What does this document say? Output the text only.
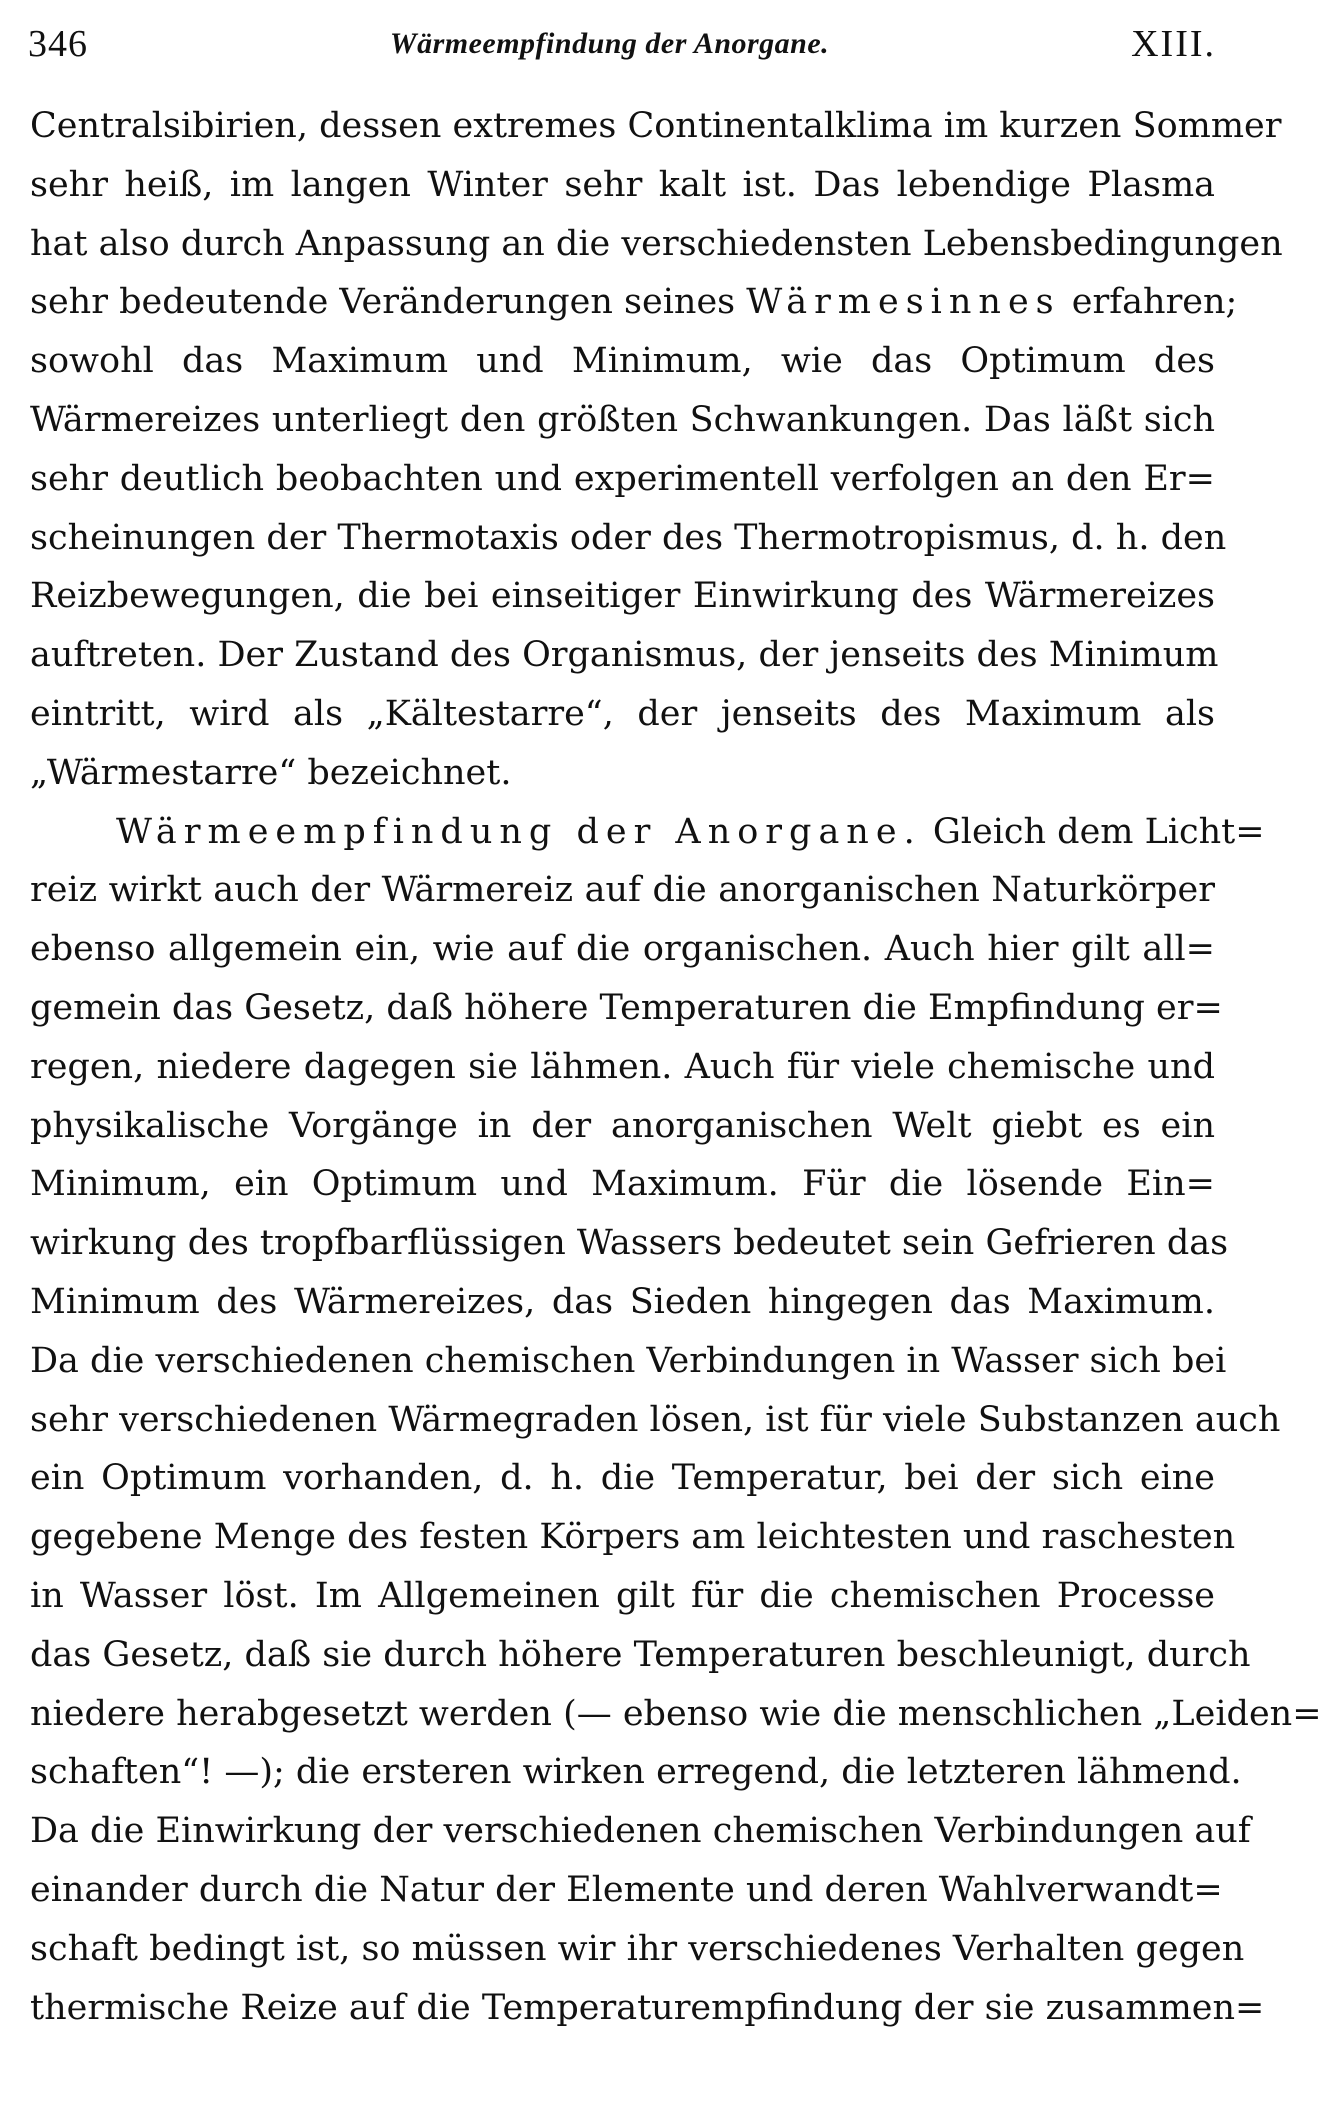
346	Wärmeempfindung der Anorgane.	XIII.
Centralsibirien, dessen extremes Continentalklima im kurzen Sommer
sehr heiß, im langen Winter sehr kalt ist. Das lebendige Plasma
hat also durch Anpassung an die verschiedensten Lebensbedingungen
sehr bedeutende Veränderungen seines Wärmesinnes erfahren;
sowohl das Maximum und Minimum, wie das Optimum des
Wärmereizes unterliegt den größten Schwankungen. Das läßt sich
sehr deutlich beobachten und experimentell verfolgen an den Er=
scheinungen der Thermotaxis oder des Thermotropismus, d. h. den
Reizbewegungen, die bei einseitiger Einwirkung des Wärmereizes
auftreten. Der Zustand des Organismus, der jenseits des Minimum
eintritt, wird als „Kältestarre“, der jenseits des Maximum als
„Wärmestarre“ bezeichnet.
Wärmeempfindung der Anorgane. Gleich dem Licht=
reiz wirkt auch der Wärmereiz auf die anorganischen Naturkörper
ebenso allgemein ein, wie auf die organischen. Auch hier gilt all=
gemein das Gesetz, daß höhere Temperaturen die Empfindung er=
regen, niedere dagegen sie lähmen. Auch für viele chemische und
physikalische Vorgänge in der anorganischen Welt giebt es ein
Minimum, ein Optimum und Maximum. Für die lösende Ein=
wirkung des tropfbarflüssigen Wassers bedeutet sein Gefrieren das
Minimum des Wärmereizes, das Sieden hingegen das Maximum.
Da die verschiedenen chemischen Verbindungen in Wasser sich bei
sehr verschiedenen Wärmegraden lösen, ist für viele Substanzen auch
ein Optimum vorhanden, d. h. die Temperatur, bei der sich eine
gegebene Menge des festen Körpers am leichtesten und raschesten
in Wasser löst. Im Allgemeinen gilt für die chemischen Processe
das Gesetz, daß sie durch höhere Temperaturen beschleunigt, durch
niedere herabgesetzt werden (— ebenso wie die menschlichen „Leiden=
schaften“! —); die ersteren wirken erregend, die letzteren lähmend.
Da die Einwirkung der verschiedenen chemischen Verbindungen auf
einander durch die Natur der Elemente und deren Wahlverwandt=
schaft bedingt ist, so müssen wir ihr verschiedenes Verhalten gegen
thermische Reize auf die Temperaturempfindung der sie zusammen=
